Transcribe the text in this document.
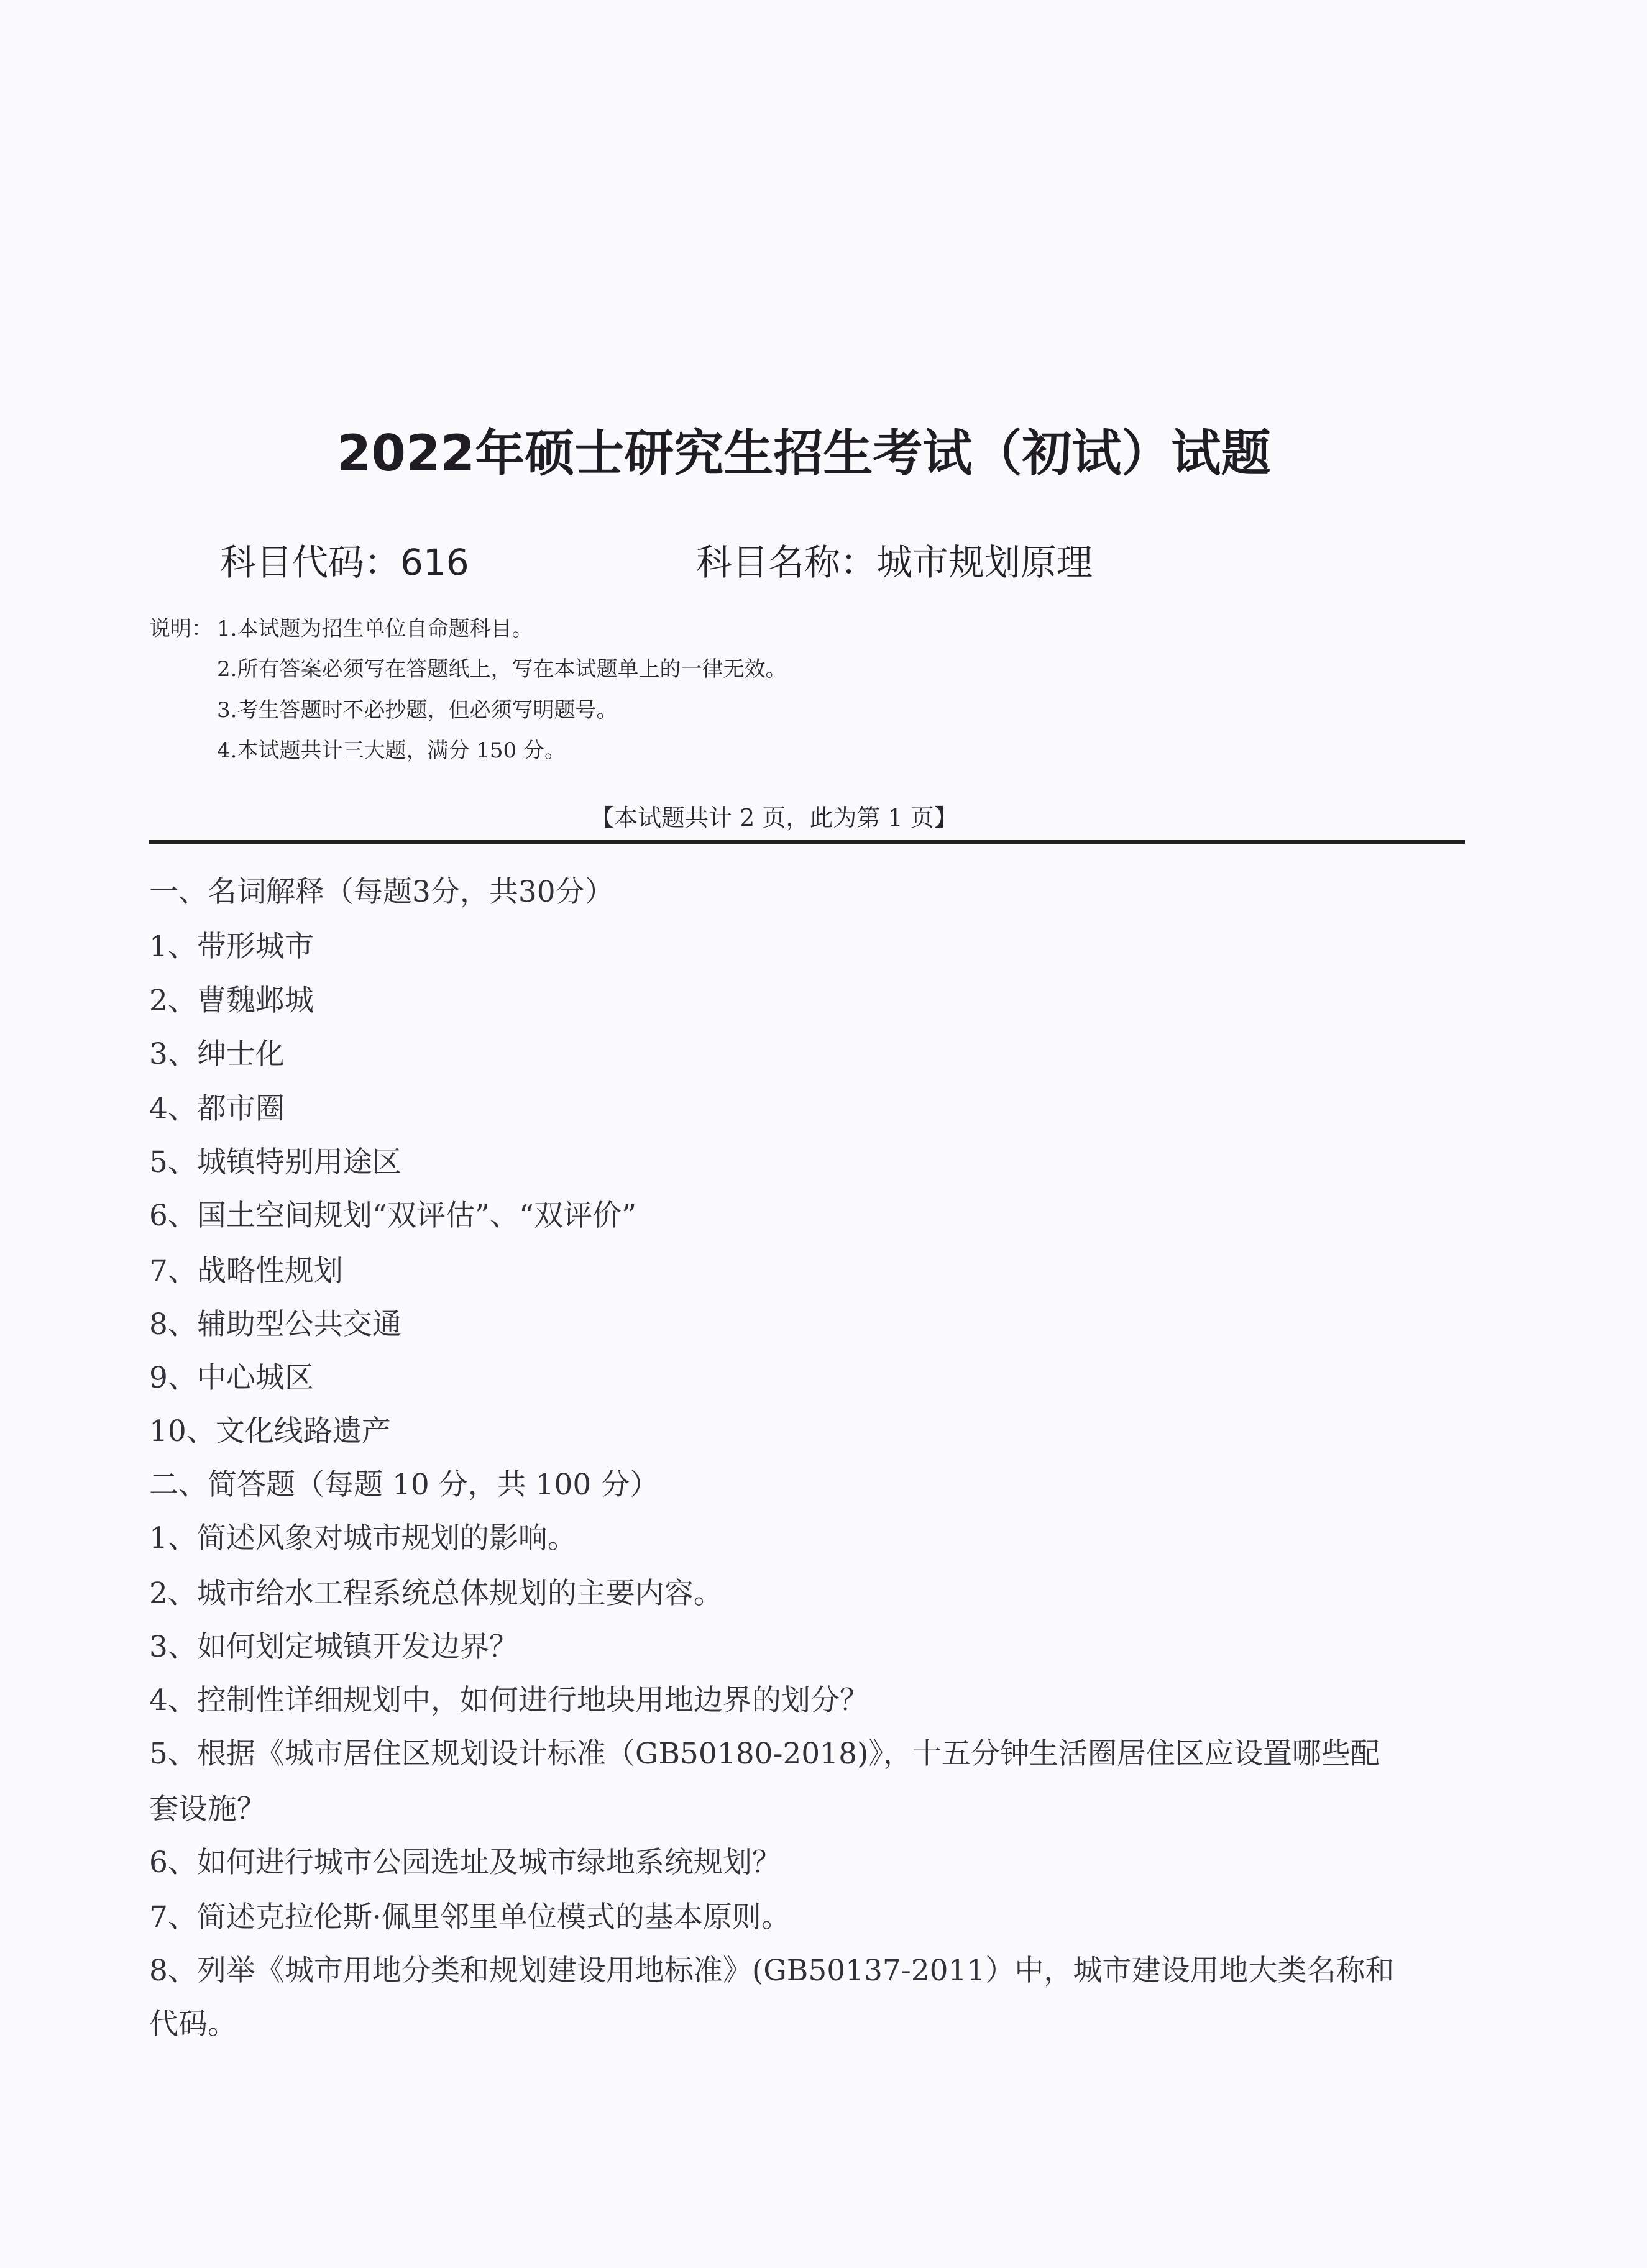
2022年硕士研究生招生考试（初试）试题
科目代码：616	科目名称：城市规划原理
说明： 1.本试题为招生单位自命题科目。
2.所有答案必须写在答题纸上，写在本试题单上的一律无效。
3.考生答题时不必抄题，但必须写明题号。
4.本试题共计三大题，满分 150 分。
【本试题共计 2 页，此为第 1 页】
一、名词解释（每题3分，共30分）
1、带形城市
2、曹魏邺城
3、绅士化
4、都市圈
5、城镇特别用途区
6、国土空间规划“双评估”、“双评价”
7、战略性规划
8、辅助型公共交通
9、中心城区
10、文化线路遗产
二、简答题（每题 10 分，共 100 分）
1、简述风象对城市规划的影响。
2、城市给水工程系统总体规划的主要内容。
3、如何划定城镇开发边界？
4、控制性详细规划中，如何进行地块用地边界的划分？
5、根据《城市居住区规划设计标准（GB50180-2018)》，十五分钟生活圈居住区应设置哪些配
套设施？
6、如何进行城市公园选址及城市绿地系统规划？
7、简述克拉伦斯·佩里邻里单位模式的基本原则。
8、列举《城市用地分类和规划建设用地标准》(GB50137-2011）中，城市建设用地大类名称和
代码。
